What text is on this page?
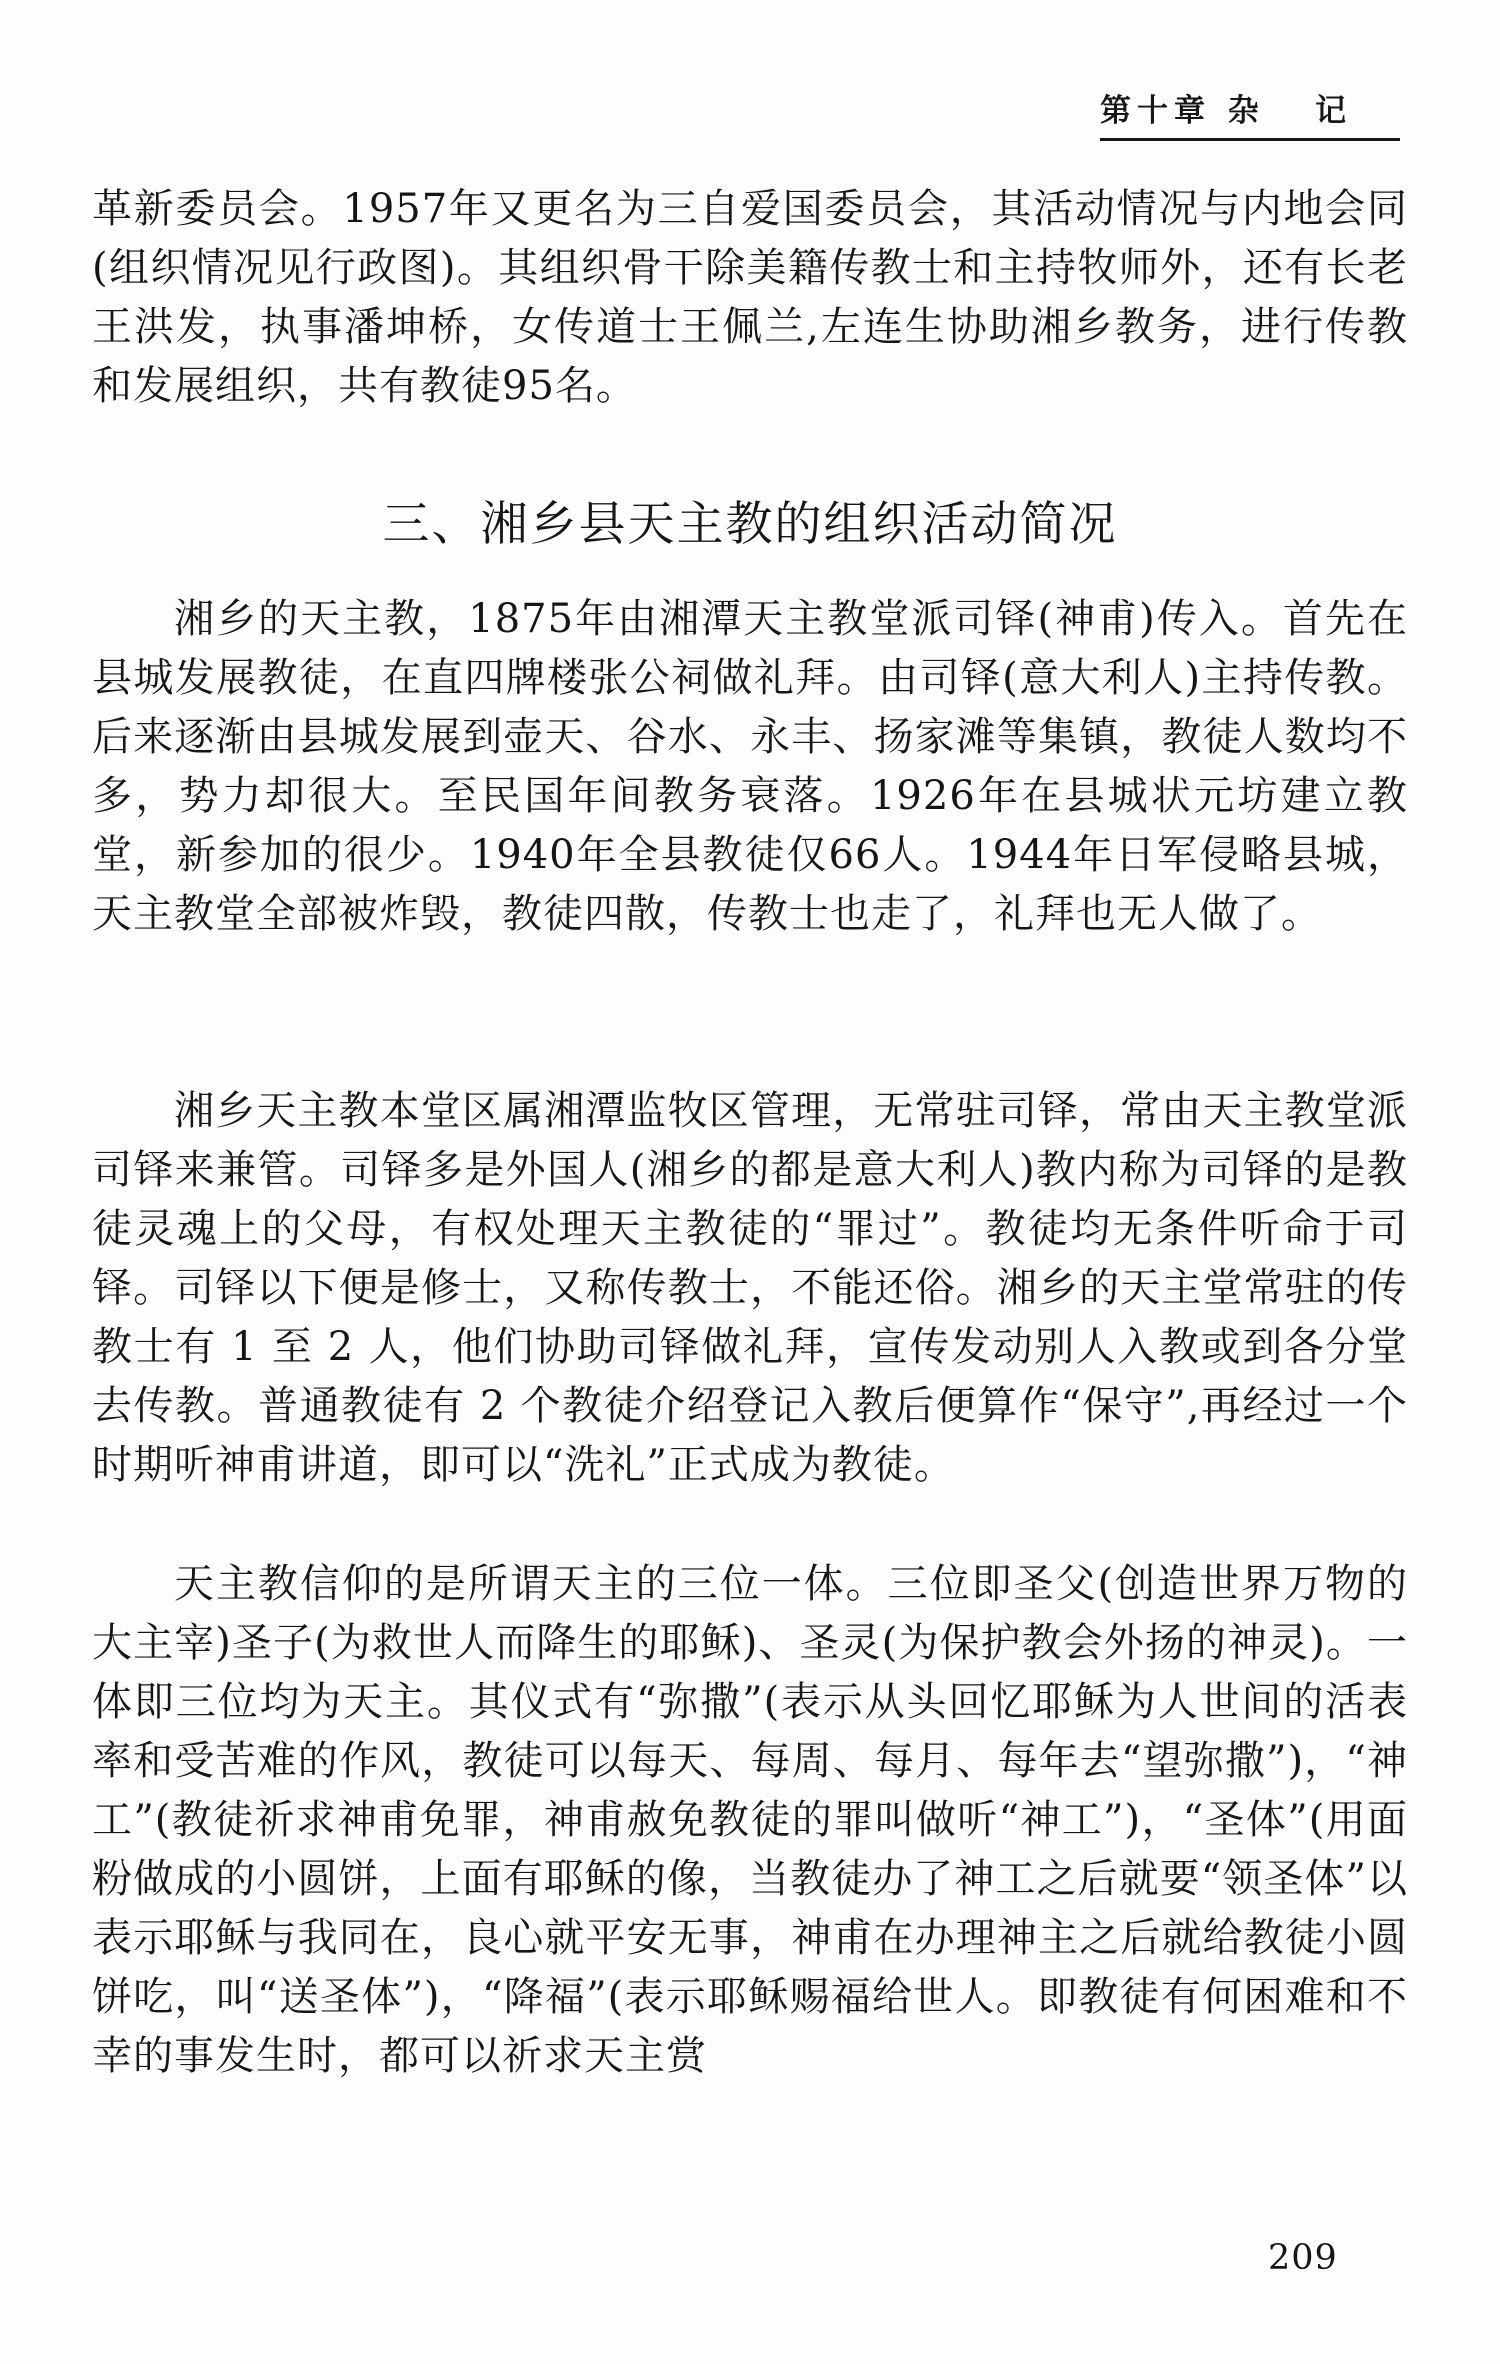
第十章 杂   记

革新委员会。1957年又更名为三自爱国委员会，其活动情况与内地会同(组织情况见行政图)。其组织骨干除美籍传教士和主持牧师外，还有长老王洪发，执事潘坤桥，女传道士王佩兰,左连生协助湘乡教务，进行传教和发展组织，共有教徒95名。

三、湘乡县天主教的组织活动简况

湘乡的天主教，1875年由湘潭天主教堂派司铎(神甫)传入。首先在县城发展教徒，在直四牌楼张公祠做礼拜。由司铎(意大利人)主持传教。后来逐渐由县城发展到壶天、谷水、永丰、扬家滩等集镇，教徒人数均不多，势力却很大。至民国年间教务衰落。1926年在县城状元坊建立教堂，新参加的很少。1940年全县教徒仅66人。1944年日军侵略县城，天主教堂全部被炸毁，教徒四散，传教士也走了，礼拜也无人做了。

湘乡天主教本堂区属湘潭监牧区管理，无常驻司铎，常由天主教堂派司铎来兼管。司铎多是外国人(湘乡的都是意大利人)教内称为司铎的是教徒灵魂上的父母，有权处理天主教徒的“罪过”。教徒均无条件听命于司铎。司铎以下便是修士，又称传教士，不能还俗。湘乡的天主堂常驻的传教士有 1 至 2 人，他们协助司铎做礼拜，宣传发动别人入教或到各分堂去传教。普通教徒有 2 个教徒介绍登记入教后便算作“保守”,再经过一个时期听神甫讲道，即可以“洗礼”正式成为教徒。

天主教信仰的是所谓天主的三位一体。三位即圣父(创造世界万物的大主宰)圣子(为救世人而降生的耶稣)、圣灵(为保护教会外扬的神灵)。一体即三位均为天主。其仪式有“弥撒”(表示从头回忆耶稣为人世间的活表率和受苦难的作风，教徒可以每天、每周、每月、每年去“望弥撒”)，“神工”(教徒祈求神甫免罪，神甫赦免教徒的罪叫做听“神工”)，“圣体”(用面粉做成的小圆饼，上面有耶稣的像，当教徒办了神工之后就要“领圣体”以表示耶稣与我同在，良心就平安无事，神甫在办理神主之后就给教徒小圆饼吃，叫“送圣体”)，“降福”(表示耶稣赐福给世人。即教徒有何困难和不幸的事发生时，都可以祈求天主赏

209
